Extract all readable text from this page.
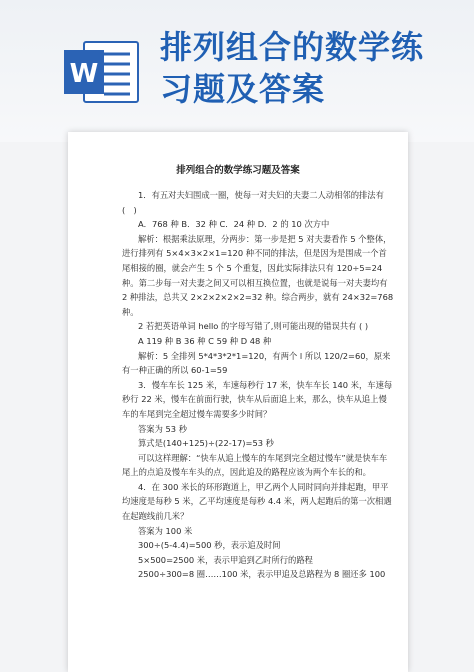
W
排列组合的数学练
习题及答案
排列组合的数学练习题及答案

1．有五对夫妇围成一圈，使每一对夫妇的夫妻二人动相邻的排法有(　)

A．768 种 B．32 种 C．24 种 D．2 的 10 次方中

解析：根据乘法原理，分两步：第一步是把 5 对夫妻看作 5 个整体，进行排列有 5×4×3×2×1=120 种不同的排法，但是因为是围成一个首尾相接的圈，就会产生 5 个 5 个重复，因此实际排法只有 120÷5=24 种。第二步每一对夫妻之间又可以相互换位置，也就是说每一对夫妻均有 2 种排法，总共又 2×2×2×2×2=32 种。综合两步，就有 24×32=768 种。

2 若把英语单词 hello 的字母写错了,则可能出现的错误共有 ( )

A 119 种 B 36 种 C 59 种 D 48 种

解析：5 全排列 5*4*3*2*1=120，有两个 l 所以 120/2=60，原来有一种正确的所以 60-1=59

3．慢车车长 125 米，车速每秒行 17 米，快车车长 140 米，车速每秒行 22 米，慢车在前面行驶，快车从后面追上来，那么，快车从追上慢车的车尾到完全超过慢车需要多少时间？

答案为 53 秒

算式是(140+125)÷(22-17)=53 秒

可以这样理解：“快车从追上慢车的车尾到完全超过慢车”就是快车车尾上的点追及慢车车头的点，因此追及的路程应该为两个车长的和。

4．在 300 米长的环形跑道上，甲乙两个人同时同向并排起跑，甲平均速度是每秒 5 米，乙平均速度是每秒 4.4 米，两人起跑后的第一次相遇在起跑线前几米？

答案为 100 米

300÷(5-4.4)=500 秒，表示追及时间

5×500=2500 米，表示甲追到乙时所行的路程

2500÷300=8 圈……100 米，表示甲追及总路程为 8 圈还多 100
